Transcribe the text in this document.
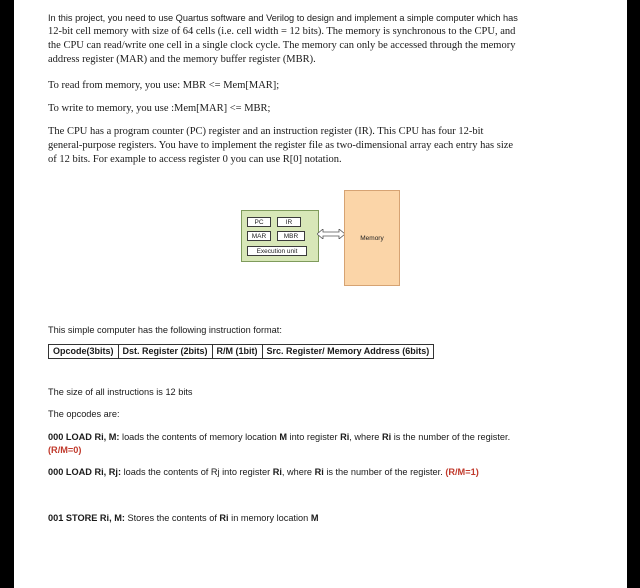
In this project, you need to use Quartus software and Verilog to design and implement a simple computer which has
12-bit cell memory with size of 64 cells (i.e. cell width = 12 bits). The memory is synchronous to the CPU, and
the CPU can read/write one cell in a single clock cycle. The memory can only be accessed through the memory
address register (MAR) and the memory buffer register (MBR).
To read from memory, you use: MBR <= Mem[MAR];
To write to memory, you use :Mem[MAR] <= MBR;
The CPU has a program counter (PC) register and an instruction register (IR). This CPU has four 12-bit
general-purpose registers. You have to implement the register file as two-dimensional array each entry has size
of 12 bits. For example to access register 0 you can use R[0] notation.
PC	IR
MAR	MBR
Execution unit
Memory
This simple computer has the following instruction format:
Opcode(3bits)	Dst. Register (2bits)	R/M (1bit)	Src. Register/ Memory Address (6bits)
The size of all instructions is 12 bits
The opcodes are:
000 LOAD Ri, M: loads the contents of memory location M into register Ri, where Ri is the number of the register.
(R/M=0)
000 LOAD Ri, Rj: loads the contents of Rj into register Ri, where Ri is the number of the register. (R/M=1)
001 STORE Ri, M: Stores the contents of Ri in memory location M
